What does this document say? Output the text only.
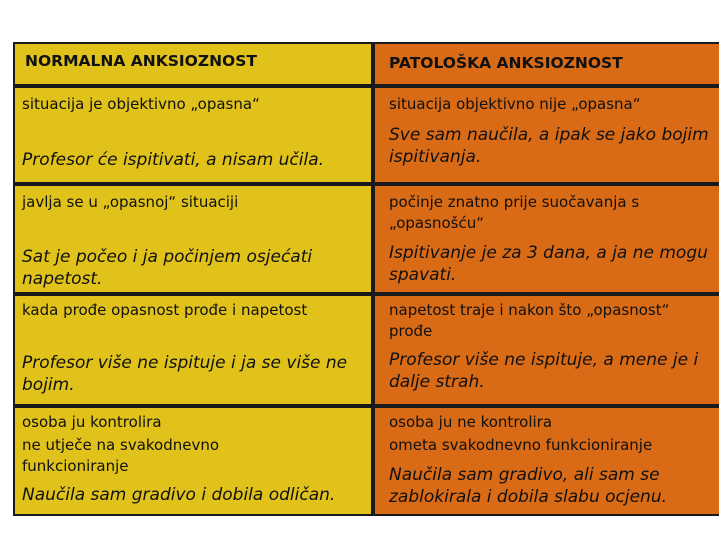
NORMALNA ANKSIOZNOST	PATOLOŠKA ANKSIOZNOST
situacija je objektivno „opasna“
Profesor će ispitivati, a nisam učila.
situacija objektivno nije „opasna“
Sve sam naučila, a ipak se jako bojim ispitivanja.
javlja se u „opasnoj“ situaciji
Sat je počeo i ja počinjem osjećati napetost.
počinje znatno prije suočavanja s „opasnošću“
Ispitivanje je za 3 dana, a ja ne mogu spavati.
kada prođe opasnost prođe i napetost
Profesor više ne ispituje i ja se više ne bojim.
napetost traje i nakon što „opasnost“ prođe
Profesor više ne ispituje, a mene je i dalje strah.
osoba ju kontrolira
ne utječe na svakodnevno funkcioniranje
Naučila sam gradivo i dobila odličan.
osoba ju ne kontrolira
ometa svakodnevno funkcioniranje
Naučila sam gradivo, ali sam se zablokirala i dobila slabu ocjenu.
